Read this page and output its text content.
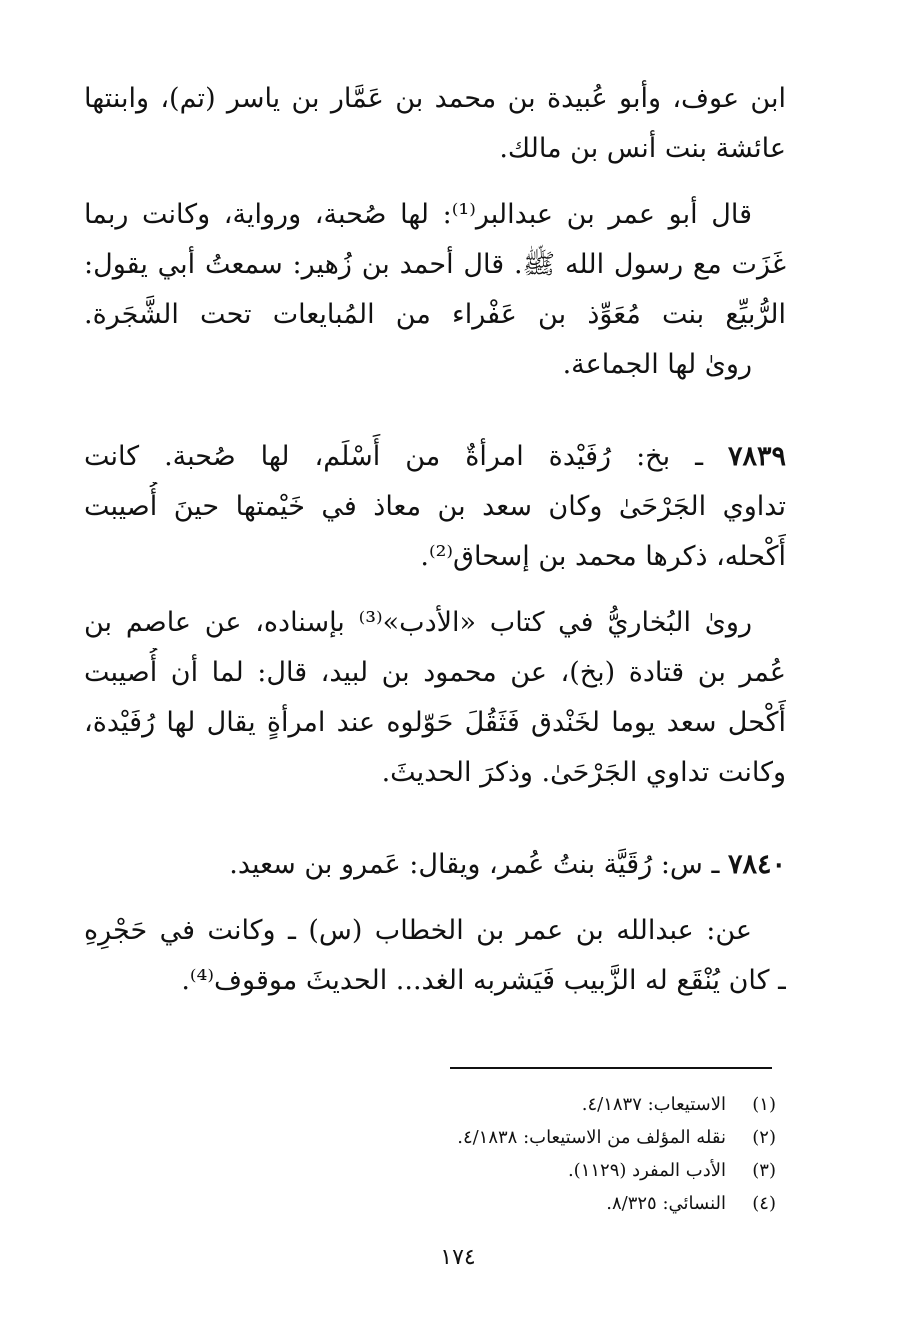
ابن عوف، وأبو عُبيدة بن محمد بن عَمَّار بن ياسر (تم)، وابنتها
عائشة بنت أنس بن مالك.
قال أبو عمر بن عبدالبر⁽¹⁾: لها صُحبة، ورواية، وكانت ربما
غَزَت مع رسول الله ﷺ. قال أحمد بن زُهير: سمعتُ أبي يقول:
الرُّبيِّع بنت مُعَوِّذ بن عَفْراء من المُبايعات تحت الشَّجَرة.
روىٰ لها الجماعة.
٧٨٣٩ ـ بخ: رُفَيْدة امرأةٌ من أَسْلَم، لها صُحبة. كانت
تداوي الجَرْحَىٰ وكان سعد بن معاذ في خَيْمتها حينَ أُصيبت
أَكْحله، ذكرها محمد بن إسحاق⁽²⁾.
روىٰ البُخاريُّ في كتاب «الأدب»⁽³⁾ بإسناده، عن عاصم بن
عُمر بن قتادة (بخ)، عن محمود بن لبيد، قال: لما أن أُصيبت
أَكْحل سعد يوما لخَنْدق فَثَقُلَ حَوّلوه عند امرأةٍ يقال لها رُفَيْدة،
وكانت تداوي الجَرْحَىٰ. وذكرَ الحديثَ.
٧٨٤٠ ـ س: رُقَيَّة بنتُ عُمر، ويقال: عَمرو بن سعيد.
عن: عبدالله بن عمر بن الخطاب (س) ـ وكانت في حَجْرِهِ
ـ كان يُنْقَع له الزَّبيب فَيَشربه الغد... الحديثَ موقوف⁽⁴⁾.
(١)الاستيعاب: ٤/١٨٣٧.
(٢)نقله المؤلف من الاستيعاب: ٤/١٨٣٨.
(٣)الأدب المفرد (١١٢٩).
(٤)النسائي: ٨/٣٢٥.
١٧٤
